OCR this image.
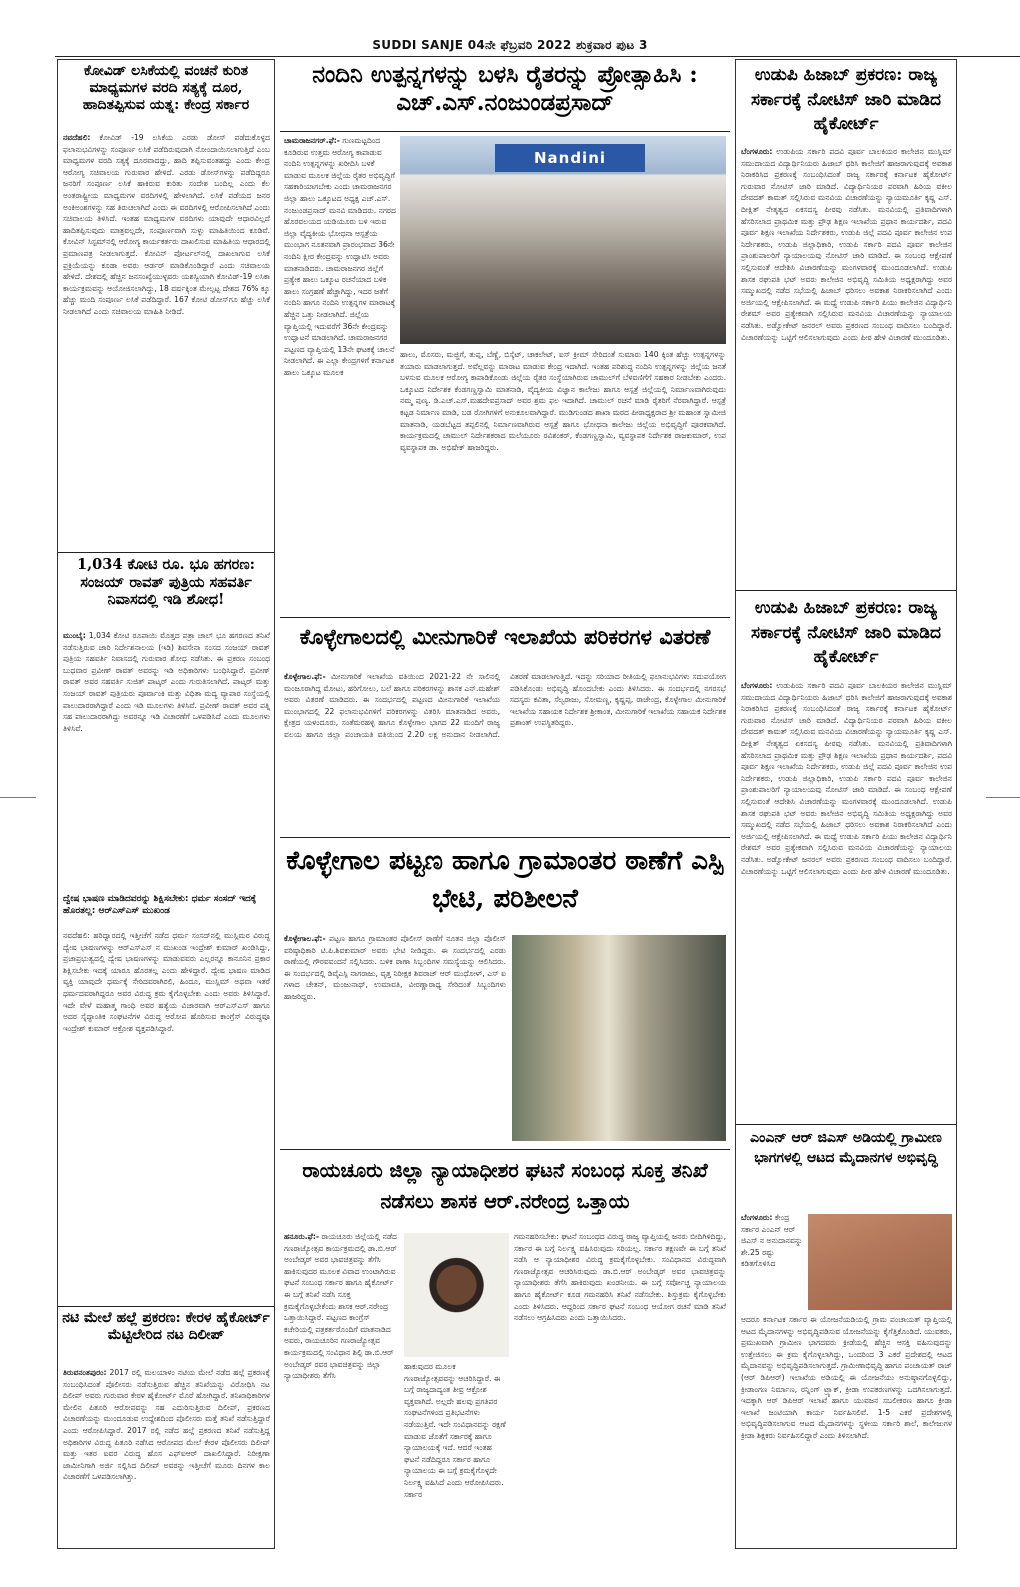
SUDDI SANJE 04ನೇ ಫೆಬ್ರವರಿ 2022 ಶುಕ್ರವಾರ ಪುಟ 3
ಕೋವಿಡ್ ಲಸಿಕೆಯಲ್ಲಿ ವಂಚನೆ ಕುರಿತ ಮಾಧ್ಯಮಗಳ ವರದಿ ಸತ್ಯಕ್ಕೆ ದೂರ, ಹಾದಿತಪ್ಪಿಸುವ ಯತ್ನ: ಕೇಂದ್ರ ಸರ್ಕಾರ
ನವದೆಹಲಿ: ಕೋವಿಡ್ -19 ಲಸಿಕೆಯ ಎರಡು ಡೋಸ್ ಪಡೆದುಕೊಳ್ಳದ ಫಲಾನುಭವಿಗಳನ್ನು ಸಂಪೂರ್ಣ ಲಸಿಕೆ ಪಡೆದಿರುವುದಾಗಿ ನೋಂದಾಯಿಸಲಾಗುತ್ತಿದೆ ಎಂಬ ಮಾಧ್ಯಮಗಳ ವರದಿ ಸತ್ಯಕ್ಕೆ ದೂರವಾದದ್ದು, ಹಾದಿ ತಪ್ಪಿಸುವಂತಹದ್ದು ಎಂದು ಕೇಂದ್ರ ಆರೋಗ್ಯ ಸಚಿವಾಲಯ ಗುರುವಾರ ಹೇಳಿದೆ. ಎರಡು ಡೋಸ್‌ಗಳನ್ನು ಪಡೆದಿದ್ದರೂ ಜನರಿಗೆ ಸಂಪೂರ್ಣ ಲಸಿಕೆ ಹಾಕಿರುವ ಕುರಿತು ಸಂದೇಶ ಬಂದಿಲ್ಲ ಎಂದು ಕೆಲ ಅಂತರಾಷ್ಟ್ರೀಯ ಮಾಧ್ಯಮಗಳ ವರದಿಗಳಲ್ಲಿ ಹೇಳಲಾಗಿದೆ. ಲಸಿಕೆ ಪಡೆಯದ ಜನರ ಅಂಕಿಅಂಶಗಳನ್ನು ಸಹ ತಿರುಚಲಾಗಿದೆ ಎಂದು ಈ ವರದಿಗಳಲ್ಲಿ ಆರೋಪಿಸಲಾಗಿದೆ ಎಂದು ಸಚಿವಾಲಯ ತಿಳಿಸಿದೆ. ಇಂತಹ ಮಾಧ್ಯಮಗಳ ವರದಿಗಳು ಯಾವುದೇ ಆಧಾರವಿಲ್ಲದೆ ಹಾದಿತಪ್ಪಿಸುವುದು ಮಾತ್ರವಲ್ಲದೇ, ಸಂಪೂರ್ಣವಾಗಿ ಸುಳ್ಳು ಮಾಹಿತಿಯಿಂದ ಕೂಡಿವೆ. ಕೋವಿನ್ ಸಿಸ್ಟಮ್‌ನಲ್ಲಿ ಆರೋಗ್ಯ ಕಾರ್ಯಕರ್ತರು ದಾಖಲಿಸುವ ಮಾಹಿತಿಯ ಆಧಾರದಲ್ಲಿ ಪ್ರಮಾಣಪತ್ರ ನೀಡಲಾಗುತ್ತದೆ. ಕೋವಿನ್ ಪೋರ್ಟಲ್‌ನಲ್ಲಿ ದಾಖಲಾಗುವ ಲಸಿಕೆ ಪ್ರಕ್ರಿಯೆಯನ್ನು ಕೂಡಾ ಅವರು ಆರ್ಡರ್ ಮಾಡಿಕೊಂಡಿದ್ದಾರೆ ಎಂದು ಸಚಿವಾಲಯ ಹೇಳಿದೆ. ದೇಶದಲ್ಲಿ ಹೆಚ್ಚಿನ ಜನಸಂಖ್ಯೆಯುಳ್ಳವರು ಯಶಸ್ವಿಯಾಗಿ ಕೋವಿಡ್-19 ಲಸಿಕಾ ಕಾರ್ಯಕ್ರಮವನ್ನು ಆಯೋಜಿಸಲಾಗಿದ್ದು, 18 ವರ್ಷಕ್ಕಿಂತ ಮೇಲ್ಪಟ್ಟ ದೇಶದ 76% ಕ್ಕೂ ಹೆಚ್ಚು ಮಂದಿ ಸಂಪೂರ್ಣ ಲಸಿಕೆ ಪಡೆದಿದ್ದಾರೆ. 167 ಕೋಟಿ ಡೋಸ್‌ಗೂ ಹೆಚ್ಚು ಲಸಿಕೆ ನೀಡಲಾಗಿದೆ ಎಂದು ಸಚಿವಾಲಯ ಮಾಹಿತಿ ನೀಡಿದೆ.
1,034 ಕೋಟಿ ರೂ. ಭೂ ಹಗರಣ: ಸಂಜಯ್ ರಾವತ್ ಪುತ್ರಿಯ ಸಹವರ್ತಿ ನಿವಾಸದಲ್ಲಿ ಇಡಿ ಶೋಧ!
ಮುಂಬೈ: 1,034 ಕೋಟಿ ರೂಪಾಯಿ ಮೊತ್ತದ ಪತ್ರಾ ಚಾಲ್ ಭೂ ಹಗರಣದ ತನಿಖೆ ನಡೆಸುತ್ತಿರುವ ಜಾರಿ ನಿರ್ದೇಶನಾಲಯ (ಇಡಿ) ಶಿವಸೇನಾ ಸಂಸದ ಸಂಜಯ್ ರಾವತ್ ಪುತ್ರಿಯ ಸಹವರ್ತಿ ನಿವಾಸದಲ್ಲಿ ಗುರುವಾರ ಶೋಧ ನಡೆಸಿತು. ಈ ಪ್ರಕರಣ ಸಂಬಂಧ ಬುಧವಾರ ಪ್ರವೀಣ್ ರಾವತ್ ಅವರನ್ನು ಇಡಿ ಅಧಿಕಾರಿಗಳು ಬಂಧಿಸಿದ್ದಾರೆ. ಪ್ರವೀಣ್ ರಾವತ್ ಅವರ ಸಹವರ್ತಿ ಸುಜಿತ್ ಪಾಟ್ಕರ್ ಎಂದು ಗುರುತಿಸಲಾಗಿದೆ. ಪಾಟ್ಕರ್ ಮತ್ತು ಸಂಜಯ್ ರಾವತ್ ಪುತ್ರಿಯರು ಪೂರ್ವಾಂಕಿ ಮತ್ತು ವಿಧಿತಾ ಮದ್ಯ ವ್ಯಾಪಾರ ಸಂಸ್ಥೆಯಲ್ಲಿ ಪಾಲುದಾರರಾಗಿದ್ದಾರೆ ಎಂದು ಇಡಿ ಮೂಲಗಳು ತಿಳಿಸಿವೆ. ಪ್ರವೀಣ್ ರಾವತ್ ಅವರ ಪತ್ನಿ ಸಹ ಪಾಲುದಾರರಾಗಿದ್ದು ಅವರನ್ನೂ ಇಡಿ ವಿಚಾರಣೆಗೆ ಒಳಪಡಿಸಿದೆ ಎಂದು ಮೂಲಗಳು ತಿಳಿಸಿವೆ.
ದ್ವೇಷ ಭಾಷಣ ಮಾಡಿದವರನ್ನು ಶಿಕ್ಷಿಸಬೇಕು: ಧರ್ಮ ಸಂಸದ್ ಇದಕ್ಕೆ ಹೊರತಲ್ಲ: ಆರ್‌ಎಸ್‌ಎಸ್ ಮುಖಂಡ
ನವದೆಹಲಿ: ಹರಿದ್ವಾರದಲ್ಲಿ ಇತ್ತೀಚೆಗೆ ನಡೆದ ಧರ್ಮ ಸಂಸದ್‌ನಲ್ಲಿ ಮುಸ್ಲಿಮರ ವಿರುದ್ಧ ದ್ವೇಷ ಭಾಷಣಗಳನ್ನು ಆರ್‌ಎಸ್‌ಎಸ್ ನ ಮುಖಂಡ ಇಂದ್ರೇಶ್ ಕುಮಾರ್ ಖಂಡಿಸಿದ್ದು, ಪ್ರಜಾಪ್ರಭುತ್ವದಲ್ಲಿ ದ್ವೇಷ ಭಾಷಣಗಳನ್ನು ಮಾಡುವವರು ಎಲ್ಲರನ್ನೂ ಕಾನೂನಿನ ಪ್ರಕಾರ ಶಿಕ್ಷಿಸಬೇಕು ಇದಕ್ಕೆ ಯಾರೂ ಹೊರತಲ್ಲ ಎಂದು ಹೇಳಿದ್ದಾರೆ. ದ್ವೇಷ ಭಾಷಣ ಮಾಡಿದ ವ್ಯಕ್ತಿ ಯಾವುದೇ ಧರ್ಮಕ್ಕೆ ಸೇರಿದವರಾಗಿರಲಿ, ಹಿಂದೂ, ಮುಸ್ಲಿಮ್ ಅಥವಾ ಇತರೆ ಧರ್ಮದವರಾಗಿದ್ದರೂ ಅವರ ವಿರುದ್ಧ ಕ್ರಮ ಕೈಗೊಳ್ಳಬೇಕು ಎಂದು ಅವರು ತಿಳಿಸಿದ್ದಾರೆ. ಇದೇ ವೇಳೆ ಮಹಾತ್ಮ ಗಾಂಧಿ ಅವರ ಹತ್ಯೆಯ ವಿಚಾರವಾಗಿ ಆರ್‌ಎಸ್‌ಎಸ್ ಹಾಗೂ ಅದರ ಸೈದ್ಧಾಂತಿಕ ಸಂಘಟನೆಗಳ ವಿರುದ್ಧ ಆರೋಪ ಹೊರಿಸುವ ಕಾಂಗ್ರೆಸ್ ವಿರುದ್ಧವೂ ಇಂದ್ರೇಶ್ ಕುಮಾರ್ ಆಕ್ರೋಶ ವ್ಯಕ್ತಪಡಿಸಿದ್ದಾರೆ.
ನಟಿ ಮೇಲೆ ಹಲ್ಲೆ ಪ್ರಕರಣ: ಕೇರಳ ಹೈಕೋರ್ಟ್ ಮೆಟ್ಟಿಲೇರಿದ ನಟ ದಿಲೀಪ್
ತಿರುವನಂತಪುರಂ: 2017 ರಲ್ಲಿ ಮಲಯಾಳಂ ನಟಿಯ ಮೇಲೆ ನಡೆದ ಹಲ್ಲೆ ಪ್ರಕರಣಕ್ಕೆ ಸಂಬಂಧಿಸಿದಂತೆ ಪೊಲೀಸರು ನಡೆಸುತ್ತಿರುವ ಹೆಚ್ಚಿನ ತನಿಖೆಯನ್ನು ವಿರೋಧಿಸಿ ನಟ ದಿಲೀಪ್ ಅವರು ಗುರುವಾರ ಕೇರಳ ಹೈಕೋರ್ಟ್ ಮೊರೆ ಹೋಗಿದ್ದಾರೆ. ತನಿಖಾಧಿಕಾರಿಗಳ ಮೇಲಿನ ಪಿತೂರಿ ಆರೋಪವನ್ನು ಸಹ ಎದುರಿಸುತ್ತಿರುವ ದಿಲೀಪ್, ಪ್ರಕರಣದ ವಿಚಾರಣೆಯನ್ನು ಮುಂದೂಡುವ ಉದ್ದೇಶದಿಂದ ಪೊಲೀಸರು ಮತ್ತೆ ತನಿಖೆ ನಡೆಸುತ್ತಿದ್ದಾರೆ ಎಂದು ಆರೋಪಿಸಿದ್ದಾರೆ. 2017 ರಲ್ಲಿ ನಡೆದ ಹಲ್ಲೆ ಪ್ರಕರಣದ ತನಿಖೆ ನಡೆಸುತ್ತಿದ್ದ ಅಧಿಕಾರಿಗಳ ವಿರುದ್ಧ ಪಿತೂರಿ ನಡೆಸಿದ ಆರೋಪದ ಮೇಲೆ ಕೇರಳ ಪೊಲೀಸರು ದಿಲೀಪ್ ಮತ್ತು ಇತರ ಐವರ ವಿರುದ್ಧ ಹೊಸ ಎಫ್‌ಐಆರ್ ದಾಖಲಿಸಿದ್ದಾರೆ. ನಿರೀಕ್ಷಣಾ ಜಾಮೀನಿಗಾಗಿ ಅರ್ಜಿ ಸಲ್ಲಿಸಿದ ದಿಲೀಪ್ ಅವರನ್ನು ಇತ್ತೀಚೆಗೆ ಮೂರು ದಿನಗಳ ಕಾಲ ವಿಚಾರಣೆಗೆ ಒಳಪಡಿಸಲಾಗಿತ್ತು.
ನಂದಿನಿ ಉತ್ಪನ್ನಗಳನ್ನು ಬಳಸಿ ರೈತರನ್ನು ಪ್ರೋತ್ಸಾಹಿಸಿ : ಎಚ್.ಎಸ್.ನಂಜುಂಡಪ್ರಸಾದ್
ಚಾಮರಾಜನಗರ್.ಫೆ:- ಗುಣಮಟ್ಟದಿಂದ ಕೂಡಿರುವ ಉತ್ತಮ ಆರೋಗ್ಯ ಕಾಪಾಡುವ ನಂದಿನಿ ಉತ್ಪನ್ನಗಳನ್ನು ಖರೀದಿಸಿ ಬಳಕೆ ಮಾಡುವ ಮೂಲಕ ಜಿಲ್ಲೆಯ ರೈತರ ಅಭಿವೃದ್ಧಿಗೆ ಸಹಕಾರಿಯಾಗಬೇಕು ಎಂದು ಚಾಮರಾಜನಗರ ಜಿಲ್ಲಾ ಹಾಲು ಒಕ್ಕೂಟದ ಅಧ್ಯಕ್ಷ ಎಚ್.ಎಸ್. ನಂಜುಂಡಪ್ರಸಾದ್ ಮನವಿ ಮಾಡಿದರು. ನಗರದ ಹೊರವಲಯದ ಯಡಿಯೂರು ಬಳಿ ಇರುವ ಜಿಲ್ಲಾ ವೈದ್ಯಕೀಯ ಭೋಧನಾ ಆಸ್ಪತ್ರೆಯ ಮುಂಭಾಗ ನೂತನವಾಗಿ ಪ್ರಾರಂಭವಾದ 36ನೇ ನಂದಿನಿ ಕ್ಷೀರ ಕೇಂದ್ರವನ್ನು ಉದ್ಘಾಟಿಸಿ ಅವರು ಮಾತನಾಡಿದರು. ಚಾಮರಾಜನಗರ ಜಿಲ್ಲೆಗೆ ಪ್ರತ್ಯೇಕ ಹಾಲು ಒಕ್ಕೂಟ ರಚನೆಯಾದ ಬಳಿಕ ಹಾಲು ಸಂಗ್ರಹಣೆ ಹೆಚ್ಚಾಗಿದ್ದು, ಇದರ ಜತೆಗೆ ನಂದಿನಿ ಹಾಗೂ ನಂದಿನಿ ಉತ್ಪನ್ನಗಳ ಮಾರಾಟಕ್ಕೆ ಹೆಚ್ಚಿನ ಒತ್ತು ನೀಡಲಾಗಿದೆ. ಜಿಲ್ಲೆಯ ವ್ಯಾಪ್ತಿಯಲ್ಲಿ ಇದುವರೆಗೆ 36ನೇ ಕೇಂದ್ರವನ್ನು ಉದ್ಘಾಟನೆ ಮಾಡಲಾಗಿದೆ. ಚಾಮರಾಜನಗರ ಪಟ್ಟಣದ ವ್ಯಾಪ್ತಿಯಲ್ಲಿ 13ನೇ ಘಟಕಕ್ಕೆ ಚಾಲನೆ ನೀಡಲಾಗಿದೆ. ಈ ಎಲ್ಲಾ ಕೇಂದ್ರಗಳಿಗೆ ಕರ್ನಾಟಕ ಹಾಲು ಒಕ್ಕೂಟ ಮೂಲಕ
Nandini
ಹಾಲು, ಮೊಸರು, ಮಜ್ಜಿಗೆ, ತುಪ್ಪ, ಬೆಣ್ಣೆ, ಬಿಸ್ಕೆಟ್, ಚಾಕಲೇಟ್, ಐಸ್ ಕ್ರೀಮ್ ಸೇರಿದಂತೆ ಸುಮಾರು 140 ಕ್ಕಿಂತ ಹೆಚ್ಚು ಉತ್ಪನ್ನಗಳನ್ನು ತಯಾರು ಮಾಡಲಾಗುತ್ತದೆ. ಅವೆಲ್ಲವನ್ನು ಮಾರಾಟ ಮಾಡುವ ಕೇಂದ್ರ ಇದಾಗಿದೆ. ಇಂತಹ ಪರಿಶುದ್ಧ ನಂದಿನಿ ಉತ್ಪನ್ನಗಳನ್ನು ಜಿಲ್ಲೆಯ ಜನತೆ ಬಳಸುವ ಮೂಲಕ ಆರೋಗ್ಯ ಕಾಪಾಡಿಕೊಂಡು ಜಿಲ್ಲೆಯ ರೈತರ ಸಂಸ್ಥೆಯಾಗಿರುವ ಚಾಮುಲ್‌ಗೆ ಬೆಳವಣಿಗೆಗೆ ಸಹಕಾರ ನೀಡಬೇಕು ಎಂದರು. ಒಕ್ಕೂಟದ ನಿರ್ದೇಶಕ ಕೆಂಡಗಣ್ಣಸ್ವಾಮಿ ಮಾತನಾಡಿ, ವೈದ್ಯಕೀಯ ವಿಜ್ಞಾನ ಕಾಲೇಜು ಹಾಗೂ ಆಸ್ಪತ್ರೆ ಜಿಲ್ಲೆಯಲ್ಲಿ ನಿರ್ಮಾಣವಾಗಿರುವುದು ನಮ್ಮ ಪುಣ್ಯ. ಡಿ.ಎಚ್.ಎಸ್.ಮಹದೇವಪ್ರಸಾದ್ ಅವರ ಶ್ರಮ ಫಲ ಇದಾಗಿದೆ. ಚಾಮುಲ್ ರಚನೆ ಮಾಡಿ ರೈತರಿಗೆ ನೆರವಾಗಿದ್ದಾರೆ. ಆಸ್ಪತ್ರೆ ಕಟ್ಟಡ ನಿರ್ಮಾಣ ಮಾಡಿ, ಬಡ ರೋಗಿಗಳಿಗೆ ಅನುಕೂಲವಾಗಿದ್ದಾರೆ. ಮುಡಿಗುಂಡದ ಶಾಖಾ ಮಠದ ಪೀಠಾಧ್ಯಕ್ಷರಾದ ಶ್ರೀ ಮಹಾಂತ ಸ್ವಾಮೀಜಿ ಮಾತನಾಡಿ, ಯಡಬೆಟ್ಟದ ತಪ್ಪಲಿನಲ್ಲಿ ನಿರ್ಮಾಣವಾಗಿರುವ ಆಸ್ಪತ್ರೆ ಹಾಗೂ ಭೋಧನಾ ಕಾಲೇಜು ಜಿಲ್ಲೆಯ ಅಭಿವೃದ್ಧಿಗೆ ಪೂರಕವಾಗಿದೆ. ಕಾರ್ಯಕ್ರಮದಲ್ಲಿ ಚಾಮುಲ್ ನಿರ್ದೇಶಕರಾದ ಮಲೆಯೂರು ರವಿಶಂಕರ್, ಕೆಂಡಗಣ್ಣಸ್ವಾಮಿ, ವ್ಯವಸ್ಥಾಪಕ ನಿರ್ದೇಶಕ ರಾಜಕುಮಾರ್, ಉಪ ವ್ಯವಸ್ಥಾಪಕ ಡಾ. ಅಭಿಷೇಕ್ ಹಾಜರಿದ್ದರು.
ಕೊಳ್ಳೇಗಾಲದಲ್ಲಿ ಮೀನುಗಾರಿಕೆ ಇಲಾಖೆಯ ಪರಿಕರಗಳ ವಿತರಣೆ
ಕೊಳ್ಳೇಗಾಲ.ಫೆ:- ಮೀನುಗಾರಿಕೆ ಇಲಾಖೆಯ ವತಿಯಿಂದ 2021-22 ನೇ ಸಾಲಿನಲ್ಲಿ ಮಂಜೂರಾಗಿದ್ದ ಮೋಟು, ಹರಿಗೋಲು, ಬಲೆ ಹಾಗೂ ಪರಿಕರಗಳನ್ನು ಶಾಸಕ ಎನ್.ಮಹೇಶ್ ಅವರು ವಿತರಣೆ ಮಾಡಿದರು. ಈ ಸಂದರ್ಭದಲ್ಲಿ ಪಟ್ಟಣದ ಮೀನುಗಾರಿಕೆ ಇಲಾಖೆಯ ಮುಂಭಾಗದಲ್ಲಿ 22 ಫಲಾನುಭವಿಗಳಿಗೆ ಪರಿಕರಗಳನ್ನು ವಿತರಿಸಿ ಮಾತನಾಡಿದ ಅವರು, ಕ್ಷೇತ್ರದ ಯಳಂದೂರು, ಸಂತೆಮರಹಳ್ಳಿ ಹಾಗೂ ಕೊಳ್ಳೇಗಾಲ ಭಾಗದ 22 ಮಂದಿಗೆ ರಾಜ್ಯ ವಲಯ ಹಾಗೂ ಜಿಲ್ಲಾ ಪಂಚಾಯತಿ ವತಿಯಿಂದ 2.20 ಲಕ್ಷ ಅನುದಾನ ನೀಡಲಾಗಿದೆ. ವಿತರಣೆ ಮಾಡಲಾಗುತ್ತಿದೆ. ಇದನ್ನು ಸರಿಯಾದ ರೀತಿಯಲ್ಲಿ ಫಲಾನುಭವಿಗಳು ಸದುಪಯೋಗ ಪಡಿಸಿಕೊಂಡು ಅಭಿವೃದ್ಧಿ ಹೊಂದಬೇಕು ಎಂದು ತಿಳಿಸಿದರು. ಈ ಸಂದರ್ಭದಲ್ಲಿ ನಗರಸಭೆ ಸದಸ್ಯರು ಕವಿತಾ, ಸೆಲ್ವರಾಜು, ಸೋಮಣ್ಣ, ಕೃಷ್ಣಪ್ಪ, ರಾಜೇಂದ್ರ, ಕೊಳ್ಳೇಗಾಲ ಮೀನುಗಾರಿಕೆ ಇಲಾಖೆಯ ಸಹಾಯಕ ನಿರ್ದೇಶಕ ಶ್ರೀಕಾಂತ, ಮೀನುಗಾರಿಕೆ ಇಲಾಖೆಯ ಸಹಾಯಕ ನಿರ್ದೇಶಕ ಪ್ರಶಾಂತ್ ಉಪಸ್ಥಿತರಿದ್ದರು.
ಕೊಳ್ಳೇಗಾಲ ಪಟ್ಟಣ ಹಾಗೂ ಗ್ರಾಮಾಂತರ ಠಾಣೆಗೆ ಎಸ್ಪಿ ಭೇಟಿ, ಪರಿಶೀಲನೆ
ಕೊಳ್ಳೇಗಾಲ.ಫೆ:- ಪಟ್ಟಣ ಹಾಗೂ ಗ್ರಾಮಾಂತರ ಪೊಲೀಸ್ ಠಾಣೆಗೆ ನೂತನ ಜಿಲ್ಲಾ ಪೊಲೀಸ್ ವರಿಷ್ಠಾಧಿಕಾರಿ ಟಿ.ಪಿ.ಶಿವಕುಮಾರ್ ಅವರು ಭೇಟಿ ನೀಡಿದ್ದರು. ಈ ಸಂದರ್ಭದಲ್ಲಿ ಎರಡು ಠಾಣೆಯಲ್ಲಿ ಗೌರವವಂದನೆ ಸಲ್ಲಿಸಿದರು. ಬಳಿಕ ಠಾಣಾ ಸಿಬ್ಬಂದಿಗಳ ಸಮಸ್ಯೆಯನ್ನು ಆಲಿಸಿದರು. ಈ ಸಂದರ್ಭದಲ್ಲಿ ಡಿವೈಎಸ್ಪಿ ನಾಗರಾಜು, ವೃತ್ತ ನಿರೀಕ್ಷಕ ಶಿವರಾಜ್ ಆರ್ ಮುಧೋಳ್, ಎಸ್ ಐ ಗಳಾದ ಚೇತನ್, ಮಂಜುನಾಥ್, ಉಮಾವತಿ, ವೀರಣ್ಣಾರಾಧ್ಯ ಸೇರಿದಂತೆ ಸಿಬ್ಬಂದಿಗಳು ಹಾಜರಿದ್ದರು.
ರಾಯಚೂರು ಜಿಲ್ಲಾ ನ್ಯಾಯಾಧೀಶರ ಘಟನೆ ಸಂಬಂಧ ಸೂಕ್ತ ತನಿಖೆ ನಡೆಸಲು ಶಾಸಕ ಆರ್.ನರೇಂದ್ರ ಒತ್ತಾಯ
ಹನೂರು.ಫೆ:- ರಾಯಚೂರು ಜಿಲ್ಲೆಯಲ್ಲಿ ನಡೆದ ಗಣರಾಜ್ಯೋತ್ಸವ ಕಾರ್ಯಕ್ರಮದಲ್ಲಿ ಡಾ.ಬಿ.ಆರ್ ಅಂಬೇಡ್ಕರ್ ಅವರ ಭಾವಚಿತ್ರವನ್ನು ತೆಗೆಸಿ ಹಾಕಿಸುವುದರ ಮೂಲಕ ವಿವಾದ ಉಂಟಾಗಿರುವ ಘಟನೆ ಸಂಬಂಧ ಸರ್ಕಾರ ಹಾಗೂ ಹೈಕೋರ್ಟ್ ಈ ಬಗ್ಗೆ ತನಿಖೆ ನಡೆಸಿ ಸೂಕ್ತ ಕ್ರಮಕೈಗೊಳ್ಳಬೇಕೆಂದು ಶಾಸಕ ಆರ್.ನರೇಂದ್ರ ಒತ್ತಾಯಿಸಿದ್ದಾರೆ. ಪಟ್ಟಣದ ಕಾಂಗ್ರೆಸ್ ಕಚೇರಿಯಲ್ಲಿ ಪತ್ರಕರ್ತರೊಂದಿಗೆ ಮಾತನಾಡಿದ ಅವರು, ರಾಯಚೂರಿನ ಗಣರಾಜ್ಯೋತ್ಸವ ಕಾರ್ಯಕ್ರಮದಲ್ಲಿ ಸಂವಿಧಾನ ಶಿಲ್ಪಿ ಡಾ.ಬಿ.ಆರ್ ಅಂಬೇಡ್ಕರ್ ರವರ ಭಾವಚಿತ್ರವನ್ನು ಜಿಲ್ಲಾ ನ್ಯಾಯಾಧೀಶರು ತೆಗೆಸಿ
ಹಾಕುವುದರ ಮೂಲಕ ಗಣರಾಜ್ಯೋತ್ಸವವನ್ನು ಆಚರಿಸಿದ್ದಾರೆ. ಈ ಬಗ್ಗೆ ರಾಜ್ಯದಾದ್ಯಂತ ತೀವ್ರ ಆಕ್ರೋಶ ವ್ಯಕ್ತವಾಗಿದೆ. ಅಲ್ಲದೇ ಹಲವು ಪ್ರಗತಿಪರ ಸಂಘಟನೆಗಳಿಂದ ಪ್ರತಿಭಟನೆಗಳು ನಡೆಯುತ್ತಿವೆ. ಇದೇ ಸಂವಿಧಾನವನ್ನು ರಕ್ಷಣೆ ಮಾಡುವ ಜೊತೆಗೆ ಸರ್ಕಾರಕ್ಕೆ ಹಾಗೂ ನ್ಯಾಯಾಲಯಕ್ಕೆ ಇದೆ. ಆದರೆ ಇಂತಹ ಘಟನೆ ನಡೆದಿದ್ದರೂ ಸರ್ಕಾರ ಹಾಗೂ ನ್ಯಾಯಾಲಯ ಈ ಬಗ್ಗೆ ಕ್ರಮಕೈಗೊಳ್ಳದೇ ನಿರ್ಲಕ್ಷ್ಯ ವಹಿಸಿದೆ ಎಂದು ಆರೋಪಿಸಿದರು. ಸರ್ಕಾರ
ಗಮನಹರಿಸಬೇಕು: ಘಟನೆ ಸಂಬಂಧದ ವಿರುದ್ಧ ರಾಜ್ಯ ವ್ಯಾಪ್ತಿಯಲ್ಲಿ ಜನರು ಬೀದಿಗಿಳಿದಿದ್ದು, ಸರ್ಕಾರ ಈ ಬಗ್ಗೆ ನಿರ್ಲಕ್ಷ್ಯ ವಹಿಸಿರುವುದು ಸರಿಯಲ್ಲ. ಸರ್ಕಾರ ತಕ್ಷಣವೇ ಈ ಬಗ್ಗೆ ತನಿಖೆ ನಡೆಸಿ ಆ ನ್ಯಾಯಾಧೀಶರ ವಿರುದ್ಧ ಕ್ರಮಕೈಗೊಳ್ಳಬೇಕು. ಸಂವಿಧಾನದ ವಿರುದ್ಧವಾಗಿ ಗಣರಾಜ್ಯೋತ್ಸವ ಆಚರಿಸಿರುವುದು ಡಾ.ಬಿ.ಆರ್ ಅಂಬೇಡ್ಕರ್ ಅವರ ಭಾವಚಿತ್ರವನ್ನು ನ್ಯಾಯಾಧೀಶರು ತೆಗೆಸಿ ಹಾಕಿರುವುದು ಖಂಡನೀಯ. ಈ ಬಗ್ಗೆ ಸರ್ವೋಚ್ಚ ನ್ಯಾಯಾಲಯ ಹಾಗೂ ಹೈಕೋರ್ಟ್ ಕೂಡ ಗಮನಹರಿಸಿ ತನಿಖೆ ನಡೆಸಬೇಕು. ಶಿಸ್ತುಕ್ರಮ ಕೈಗೊಳ್ಳಬೇಕು ಎಂದು ತಿಳಿಸಿದರು. ಆದ್ದರಿಂದ ಸರ್ಕಾರ ಘಟನೆ ಸಂಬಂಧ ಆಯೋಗ ರಚನೆ ಮಾಡಿ ತನಿಖೆ ನಡೆಸಲು ಆಗ್ರಹಿಸಿದರು ಎಂದು ಒತ್ತಾಯಿಸಿದರು.
ಉಡುಪಿ ಹಿಜಾಬ್ ಪ್ರಕರಣ: ರಾಜ್ಯ ಸರ್ಕಾರಕ್ಕೆ ನೋಟಿಸ್ ಜಾರಿ ಮಾಡಿದ ಹೈಕೋರ್ಟ್
ಬೆಂಗಳೂರು: ಉಡುಪಿಯ ಸರ್ಕಾರಿ ಪದವಿ ಪೂರ್ವ ಬಾಲಕಿಯರ ಕಾಲೇಜಿನ ಮುಸ್ಲಿಮ್ ಸಮುದಾಯದ ವಿದ್ಯಾರ್ಥಿನಿಯರು ಹಿಜಾಬ್ ಧರಿಸಿ ಕಾಲೇಜಿಗೆ ಹಾಜರಾಗುವುದಕ್ಕೆ ಅವಕಾಶ ನಿರಾಕರಿಸಿದ ಪ್ರಕರಣಕ್ಕೆ ಸಂಬಂಧಿಸಿದಂತೆ ರಾಜ್ಯ ಸರ್ಕಾರಕ್ಕೆ ಕರ್ನಾಟಕ ಹೈಕೋರ್ಟ್ ಗುರುವಾರ ನೋಟಿಸ್ ಜಾರಿ ಮಾಡಿದೆ. ವಿದ್ಯಾರ್ಥಿನಿಯರ ಪರವಾಗಿ ಹಿರಿಯ ವಕೀಲ ದೇವದತ್ ಕಾಮತ್ ಸಲ್ಲಿಸಿರುವ ಮನವಿಯ ವಿಚಾರಣೆಯನ್ನು ನ್ಯಾಯಮೂರ್ತಿ ಕೃಷ್ಣ ಎಸ್. ದೀಕ್ಷಿತ್ ನೇತೃತ್ವದ ಏಕಸದಸ್ಯ ಪೀಠವು ನಡೆಸಿತು. ಮನವಿಯಲ್ಲಿ ಪ್ರತಿವಾದಿಗಳಾಗಿ ಹೆಸರಿಸಲಾದ ಪ್ರಾಥಮಿಕ ಮತ್ತು ಪ್ರೌಢ ಶಿಕ್ಷಣ ಇಲಾಖೆಯ ಪ್ರಧಾನ ಕಾರ್ಯದರ್ಶಿ, ಪದವಿ ಪೂರ್ವ ಶಿಕ್ಷಣ ಇಲಾಖೆಯ ನಿರ್ದೇಶಕರು, ಉಡುಪಿ ಜಿಲ್ಲೆ ಪದವಿ ಪೂರ್ವ ಕಾಲೇಜಿನ ಉಪ ನಿರ್ದೇಶಕರು, ಉಡುಪಿ ಜಿಲ್ಲಾಧಿಕಾರಿ, ಉಡುಪಿ ಸರ್ಕಾರಿ ಪದವಿ ಪೂರ್ವ ಕಾಲೇಜಿನ ಪ್ರಾಂಶುಪಾಲರಿಗೆ ನ್ಯಾಯಾಲಯವು ನೋಟಿಸ್ ಜಾರಿ ಮಾಡಿದೆ. ಈ ಸಂಬಂಧ ಆಕ್ಷೇಪಣೆ ಸಲ್ಲಿಸುವಂತೆ ಆದೇಶಿಸಿ ವಿಚಾರಣೆಯನ್ನು ಮಂಗಳವಾರಕ್ಕೆ ಮುಂದೂಡಲಾಗಿದೆ. ಉಡುಪಿ ಶಾಸಕ ರಘುಪತಿ ಭಟ್ ಅವರು ಕಾಲೇಜಿನ ಅಭಿವೃದ್ಧಿ ಸಮಿತಿಯ ಅಧ್ಯಕ್ಷರಾಗಿದ್ದು ಅವರ ಸಮ್ಮುಖದಲ್ಲಿ ನಡೆದ ಸಭೆಯಲ್ಲಿ ಹಿಜಾಬ್ ಧರಿಸಲು ಅವಕಾಶ ನಿರಾಕರಿಸಲಾಗಿದೆ ಎಂದು ಅರ್ಜಿಯಲ್ಲಿ ಆಕ್ಷೇಪಿಸಲಾಗಿದೆ. ಈ ಮಧ್ಯೆ ಉಡುಪಿ ಸರ್ಕಾರಿ ಪಿಯು ಕಾಲೇಜಿನ ವಿದ್ಯಾರ್ಥಿನಿ ರೇಶಮ್ ಅವರ ಪ್ರತ್ಯೇಕವಾಗಿ ಸಲ್ಲಿಸಿರುವ ಮನವಿಯ ವಿಚಾರಣೆಯನ್ನು ನ್ಯಾಯಾಲಯ ನಡೆಸಿತು. ಅಡ್ವೋಕೇಟ್ ಜನರಲ್ ಅವರು ಪ್ರಕರಣದ ಸಂಬಂಧ ವಾದಿಸಲು ಬಂದಿದ್ದಾರೆ. ವಿಚಾರಣೆಯನ್ನು ಒಟ್ಟಿಗೆ ಆಲಿಸಲಾಗುವುದು ಎಂದು ಪೀಠ ಹೇಳಿ ವಿಚಾರಣೆ ಮುಂದೂಡಿತು.
ಉಡುಪಿ ಹಿಜಾಬ್ ಪ್ರಕರಣ: ರಾಜ್ಯ ಸರ್ಕಾರಕ್ಕೆ ನೋಟಿಸ್ ಜಾರಿ ಮಾಡಿದ ಹೈಕೋರ್ಟ್
ಬೆಂಗಳೂರು: ಉಡುಪಿಯ ಸರ್ಕಾರಿ ಪದವಿ ಪೂರ್ವ ಬಾಲಕಿಯರ ಕಾಲೇಜಿನ ಮುಸ್ಲಿಮ್ ಸಮುದಾಯದ ವಿದ್ಯಾರ್ಥಿನಿಯರು ಹಿಜಾಬ್ ಧರಿಸಿ ಕಾಲೇಜಿಗೆ ಹಾಜರಾಗುವುದಕ್ಕೆ ಅವಕಾಶ ನಿರಾಕರಿಸಿದ ಪ್ರಕರಣಕ್ಕೆ ಸಂಬಂಧಿಸಿದಂತೆ ರಾಜ್ಯ ಸರ್ಕಾರಕ್ಕೆ ಕರ್ನಾಟಕ ಹೈಕೋರ್ಟ್ ಗುರುವಾರ ನೋಟಿಸ್ ಜಾರಿ ಮಾಡಿದೆ. ವಿದ್ಯಾರ್ಥಿನಿಯರ ಪರವಾಗಿ ಹಿರಿಯ ವಕೀಲ ದೇವದತ್ ಕಾಮತ್ ಸಲ್ಲಿಸಿರುವ ಮನವಿಯ ವಿಚಾರಣೆಯನ್ನು ನ್ಯಾಯಮೂರ್ತಿ ಕೃಷ್ಣ ಎಸ್. ದೀಕ್ಷಿತ್ ನೇತೃತ್ವದ ಏಕಸದಸ್ಯ ಪೀಠವು ನಡೆಸಿತು. ಮನವಿಯಲ್ಲಿ ಪ್ರತಿವಾದಿಗಳಾಗಿ ಹೆಸರಿಸಲಾದ ಪ್ರಾಥಮಿಕ ಮತ್ತು ಪ್ರೌಢ ಶಿಕ್ಷಣ ಇಲಾಖೆಯ ಪ್ರಧಾನ ಕಾರ್ಯದರ್ಶಿ, ಪದವಿ ಪೂರ್ವ ಶಿಕ್ಷಣ ಇಲಾಖೆಯ ನಿರ್ದೇಶಕರು, ಉಡುಪಿ ಜಿಲ್ಲೆ ಪದವಿ ಪೂರ್ವ ಕಾಲೇಜಿನ ಉಪ ನಿರ್ದೇಶಕರು, ಉಡುಪಿ ಜಿಲ್ಲಾಧಿಕಾರಿ, ಉಡುಪಿ ಸರ್ಕಾರಿ ಪದವಿ ಪೂರ್ವ ಕಾಲೇಜಿನ ಪ್ರಾಂಶುಪಾಲರಿಗೆ ನ್ಯಾಯಾಲಯವು ನೋಟಿಸ್ ಜಾರಿ ಮಾಡಿದೆ. ಈ ಸಂಬಂಧ ಆಕ್ಷೇಪಣೆ ಸಲ್ಲಿಸುವಂತೆ ಆದೇಶಿಸಿ ವಿಚಾರಣೆಯನ್ನು ಮಂಗಳವಾರಕ್ಕೆ ಮುಂದೂಡಲಾಗಿದೆ. ಉಡುಪಿ ಶಾಸಕ ರಘುಪತಿ ಭಟ್ ಅವರು ಕಾಲೇಜಿನ ಅಭಿವೃದ್ಧಿ ಸಮಿತಿಯ ಅಧ್ಯಕ್ಷರಾಗಿದ್ದು ಅವರ ಸಮ್ಮುಖದಲ್ಲಿ ನಡೆದ ಸಭೆಯಲ್ಲಿ ಹಿಜಾಬ್ ಧರಿಸಲು ಅವಕಾಶ ನಿರಾಕರಿಸಲಾಗಿದೆ ಎಂದು ಅರ್ಜಿಯಲ್ಲಿ ಆಕ್ಷೇಪಿಸಲಾಗಿದೆ. ಈ ಮಧ್ಯೆ ಉಡುಪಿ ಸರ್ಕಾರಿ ಪಿಯು ಕಾಲೇಜಿನ ವಿದ್ಯಾರ್ಥಿನಿ ರೇಶಮ್ ಅವರ ಪ್ರತ್ಯೇಕವಾಗಿ ಸಲ್ಲಿಸಿರುವ ಮನವಿಯ ವಿಚಾರಣೆಯನ್ನು ನ್ಯಾಯಾಲಯ ನಡೆಸಿತು. ಅಡ್ವೋಕೇಟ್ ಜನರಲ್ ಅವರು ಪ್ರಕರಣದ ಸಂಬಂಧ ವಾದಿಸಲು ಬಂದಿದ್ದಾರೆ. ವಿಚಾರಣೆಯನ್ನು ಒಟ್ಟಿಗೆ ಆಲಿಸಲಾಗುವುದು ಎಂದು ಪೀಠ ಹೇಳಿ ವಿಚಾರಣೆ ಮುಂದೂಡಿತು.
ಎಂಎನ್ ಆರ್ ಜಿಎಸ್ ಅಡಿಯಲ್ಲಿ ಗ್ರಾಮೀಣ ಭಾಗಗಳಲ್ಲಿ ಆಟದ ಮೈದಾನಗಳ ಅಭಿವೃದ್ಧಿ
ಬೆಂಗಳೂರು: ಕೇಂದ್ರ ಸರ್ಕಾರ ಎಂಎನ್ ಆರ್ ಜಿಎಸ್ ನ ಅನುದಾನವನ್ನು ಶೇ.25 ರಷ್ಟು ಕಡಿತಗೊಳಿಸಿದ
ಆದರೂ ಕರ್ನಾಟಕ ಸರ್ಕಾರ ಈ ಯೋಜನೆಯಡಿಯಲ್ಲಿ ಗ್ರಾಮ ಪಂಚಾಯತ್ ವ್ಯಾಪ್ತಿಯಲ್ಲಿ ಆಟದ ಮೈದಾನಗಳನ್ನು ಅಭಿವೃದ್ಧಿಪಡಿಸುವ ಯೋಜನೆಯನ್ನು ಕೈಗೆತ್ತಿಕೊಂಡಿದೆ. ಯುವಕರು, ಪ್ರಮುಖವಾಗಿ ಗ್ರಾಮೀಣ ಭಾಗದವರು ಕ್ರೀಡೆಯಲ್ಲಿ ಹೆಚ್ಚಿನ ಆಸಕ್ತಿ ವಹಿಸುವುದನ್ನು ಉತ್ತೇಜಿಸಲು ಈ ಕ್ರಮ ಕೈಗೊಳ್ಳಲಾಗಿದ್ದು, ಒಂದರಿಂದ 3 ಎಕರೆ ಪ್ರದೇಶದಲ್ಲಿ ಆಟದ ಮೈದಾನವನ್ನು ಅಭಿವೃದ್ಧಿಪಡಿಸಲಾಗುತ್ತದೆ. ಗ್ರಾಮೀಣಾಭಿವೃದ್ಧಿ ಹಾಗೂ ಪಂಚಾಯತ್ ರಾಜ್ (ಆರ್ ಡಿಪಿಆರ್) ಇಲಾಖೆಯ ಅಡಿಯಲ್ಲಿ ಈ ಯೋಜನೆಯು ಅನುಷ್ಠಾನಗೊಳ್ಳಲಿದ್ದು, ಕ್ರೀಡಾಂಗಣ ನಿರ್ಮಾಣ, ರನ್ನಿಂಗ್ ಟ್ರ್ಯಾಕ್, ಕ್ರೀಡಾ ಉಪಕರಣಗಳನ್ನು ಒದಗಿಸಲಾಗುತ್ತದೆ. ಇದಕ್ಕಾಗಿ ಆರ್ ಡಿಪಿಆರ್ ಇಲಾಖೆ ಹಾಗೂ ಯುವಜನ ಸಬಲೀಕರಣ ಹಾಗೂ ಕ್ರೀಡಾ ಇಲಾಖೆ ಜಂಟಿಯಾಗಿ ಕಾರ್ಯ ನಿರ್ವಹಿಸಲಿವೆ. 1-5 ಎಕರೆ ಪ್ರದೇಶಗಳಲ್ಲಿ ಅಭಿವೃದ್ಧಿಪಡಿಸಲಾಗುವ ಆಟದ ಮೈದಾನಗಳನ್ನು ಸ್ಥಳೀಯ ಸರ್ಕಾರಿ ಶಾಲೆ, ಕಾಲೇಜುಗಳ ಕ್ರೀಡಾ ಶಿಕ್ಷಕರು ನಿರ್ವಹಿಸಲಿದ್ದಾರೆ ಎಂದು ತಿಳಿಸಲಾಗಿದೆ.
